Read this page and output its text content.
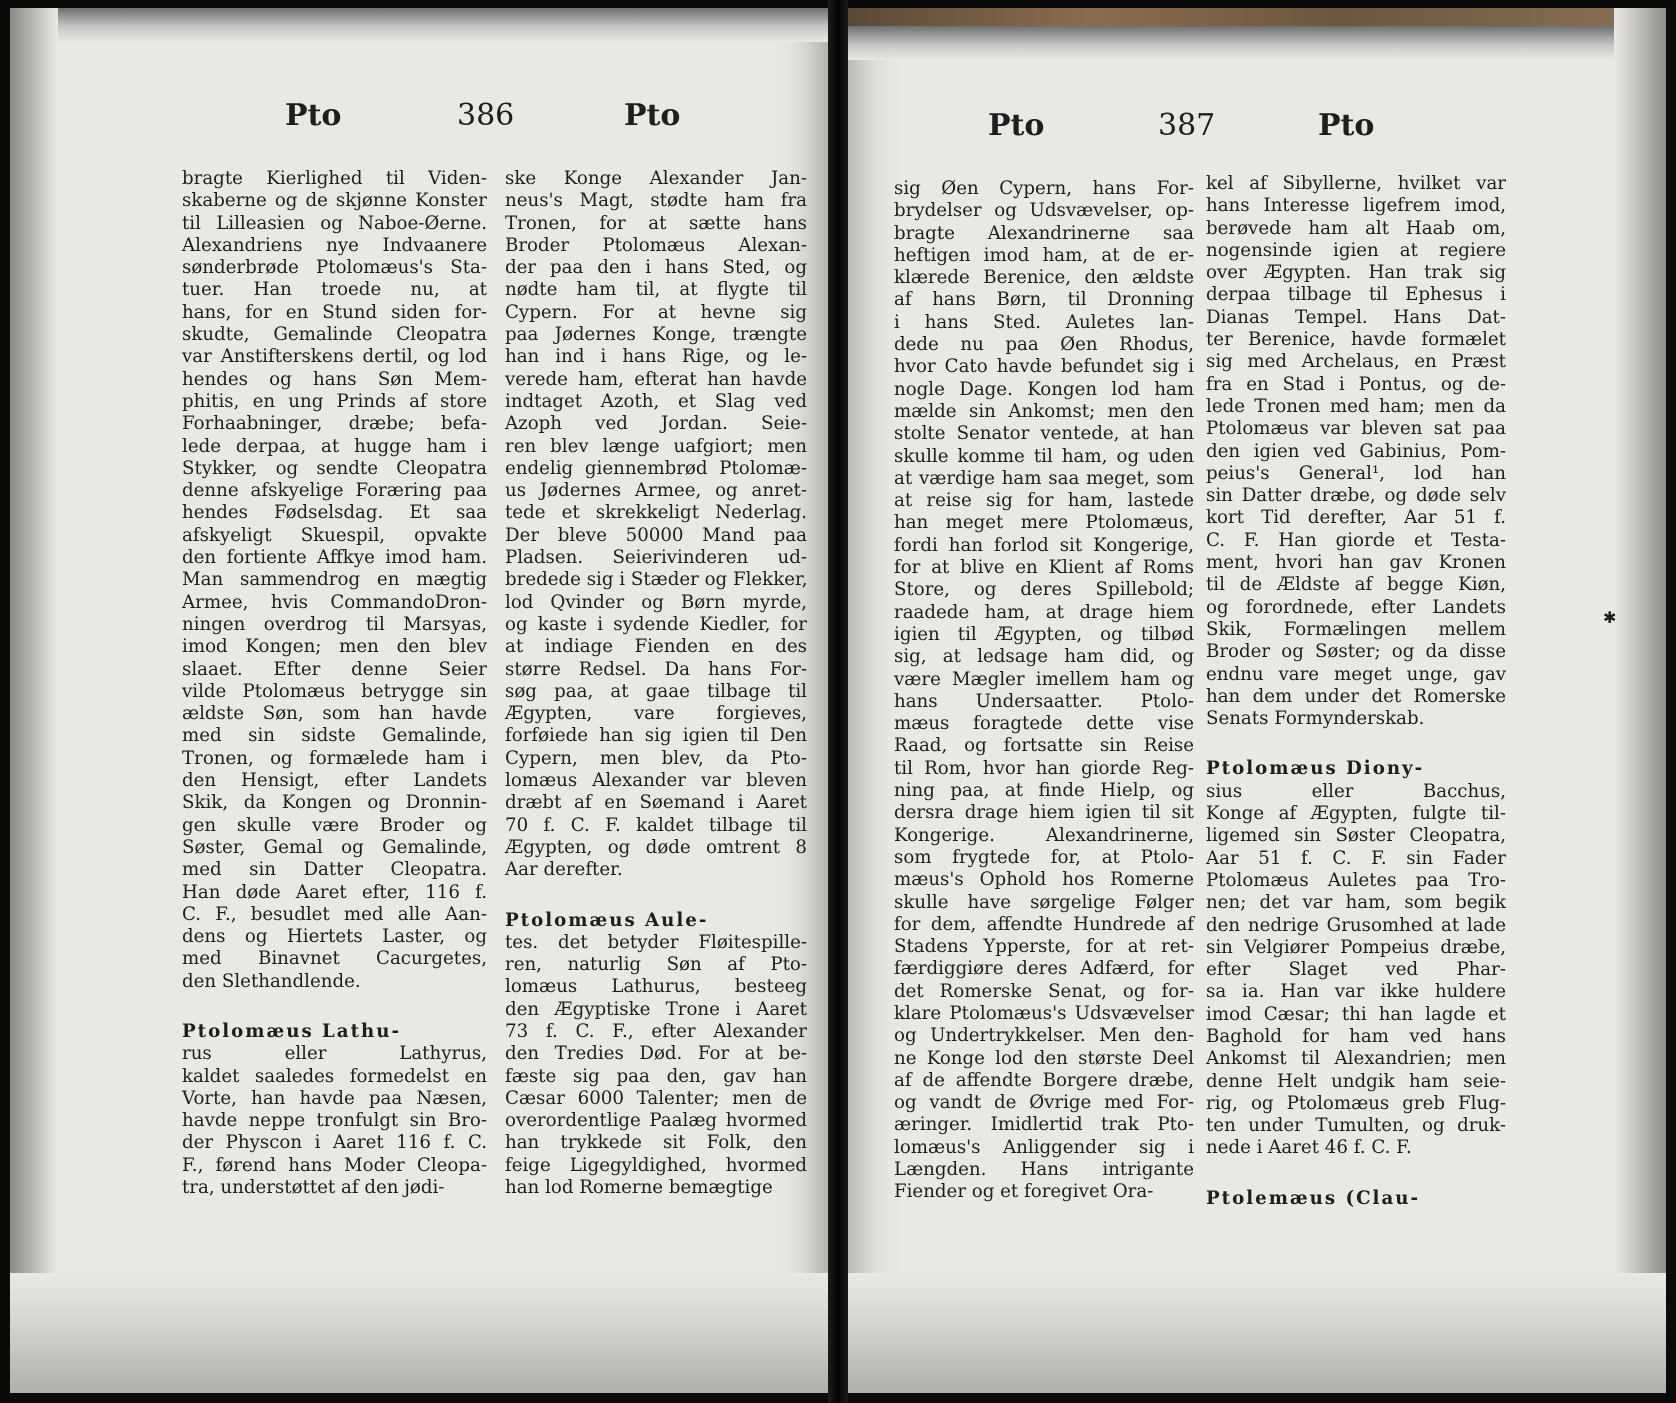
Pto	386	Pto
bragte Kierlighed til Viden-
skaberne og de skjønne Konster
til Lilleasien og Naboe-Øerne.
Alexandriens nye Indvaanere
sønderbrøde Ptolomæus's Sta-
tuer. Han troede nu, at
hans, for en Stund siden for-
skudte, Gemalinde Cleopatra
var Anstifterskens dertil, og lod
hendes og hans Søn Mem-
phitis, en ung Prinds af store
Forhaabninger, dræbe; befa-
lede derpaa, at hugge ham i
Stykker, og sendte Cleopatra
denne afskyelige Foræring paa
hendes Fødselsdag. Et saa
afskyeligt Skuespil, opvakte
den fortiente Affkye imod ham.
Man sammendrog en mægtig
Armee, hvis CommandoDron-
ningen overdrog til Marsyas,
imod Kongen; men den blev
slaaet. Efter denne Seier
vilde Ptolomæus betrygge sin
ældste Søn, som han havde
med sin sidste Gemalinde,
Tronen, og formælede ham i
den Hensigt, efter Landets
Skik, da Kongen og Dronnin-
gen skulle være Broder og
Søster, Gemal og Gemalinde,
med sin Datter Cleopatra.
Han døde Aaret efter, 116 f.
C. F., besudlet med alle Aan-
dens og Hiertets Laster, og
med Binavnet Cacurgetes,
den Slethandlende.
Ptolomæus Lathu-
rus eller Lathyrus,
kaldet saaledes formedelst en
Vorte, han havde paa Næsen,
havde neppe tronfulgt sin Bro-
der Physcon i Aaret 116 f. C.
F., førend hans Moder Cleopa-
tra, understøttet af den jødi-
ske Konge Alexander Jan-
neus's Magt, stødte ham fra
Tronen, for at sætte hans
Broder Ptolomæus Alexan-
der paa den i hans Sted, og
nødte ham til, at flygte til
Cypern. For at hevne sig
paa Jødernes Konge, trængte
han ind i hans Rige, og le-
verede ham, efterat han havde
indtaget Azoth, et Slag ved
Azoph ved Jordan. Seie-
ren blev længe uafgiort; men
endelig giennembrød Ptolomæ-
us Jødernes Armee, og anret-
tede et skrekkeligt Nederlag.
Der bleve 50000 Mand paa
Pladsen. Seierivinderen ud-
bredede sig i Stæder og Flekker,
lod Qvinder og Børn myrde,
og kaste i sydende Kiedler, for
at indiage Fienden en des
større Redsel. Da hans For-
søg paa, at gaae tilbage til
Ægypten, vare forgieves,
forføiede han sig igien til Den
Cypern, men blev, da Pto-
lomæus Alexander var bleven
dræbt af en Søemand i Aaret
70 f. C. F. kaldet tilbage til
Ægypten, og døde omtrent 8
Aar derefter.
Ptolomæus Aule-
tes. det betyder Fløitespille-
ren, naturlig Søn af Pto-
lomæus Lathurus, besteeg
den Ægyptiske Trone i Aaret
73 f. C. F., efter Alexander
den Tredies Død. For at be-
fæste sig paa den, gav han
Cæsar 6000 Talenter; men de
overordentlige Paalæg hvormed
han trykkede sit Folk, den
feige Ligegyldighed, hvormed
han lod Romerne bemægtige
Pto	387	Pto
sig Øen Cypern, hans For-
brydelser og Udsvævelser, op-
bragte Alexandrinerne saa
heftigen imod ham, at de er-
klærede Berenice, den ældste
af hans Børn, til Dronning
i hans Sted. Auletes lan-
dede nu paa Øen Rhodus,
hvor Cato havde befundet sig i
nogle Dage. Kongen lod ham
mælde sin Ankomst; men den
stolte Senator ventede, at han
skulle komme til ham, og uden
at værdige ham saa meget, som
at reise sig for ham, lastede
han meget mere Ptolomæus,
fordi han forlod sit Kongerige,
for at blive en Klient af Roms
Store, og deres Spillebold;
raadede ham, at drage hiem
igien til Ægypten, og tilbød
sig, at ledsage ham did, og
være Mægler imellem ham og
hans Undersaatter. Ptolo-
mæus foragtede dette vise
Raad, og fortsatte sin Reise
til Rom, hvor han giorde Reg-
ning paa, at finde Hielp, og
dersra drage hiem igien til sit
Kongerige. Alexandrinerne,
som frygtede for, at Ptolo-
mæus's Ophold hos Romerne
skulle have sørgelige Følger
for dem, affendte Hundrede af
Stadens Ypperste, for at ret-
færdiggiøre deres Adfærd, for
det Romerske Senat, og for-
klare Ptolomæus's Udsvævelser
og Undertrykkelser. Men den-
ne Konge lod den største Deel
af de affendte Borgere dræbe,
og vandt de Øvrige med For-
æringer. Imidlertid trak Pto-
lomæus's Anliggender sig i
Længden. Hans intrigante
Fiender og et foregivet Ora-
kel af Sibyllerne, hvilket var
hans Interesse ligefrem imod,
berøvede ham alt Haab om,
nogensinde igien at regiere
over Ægypten. Han trak sig
derpaa tilbage til Ephesus i
Dianas Tempel. Hans Dat-
ter Berenice, havde formælet
sig med Archelaus, en Præst
fra en Stad i Pontus, og de-
lede Tronen med ham; men da
Ptolomæus var bleven sat paa
den igien ved Gabinius, Pom-
peius's General¹, lod han
sin Datter dræbe, og døde selv
kort Tid derefter, Aar 51 f.
C. F. Han giorde et Testa-
ment, hvori han gav Kronen
til de Ældste af begge Kiøn,
og forordnede, efter Landets
Skik, Formælingen mellem
Broder og Søster; og da disse
endnu vare meget unge, gav
han dem under det Romerske
Senats Formynderskab.
Ptolomæus Diony-
sius eller Bacchus,
Konge af Ægypten, fulgte til-
ligemed sin Søster Cleopatra,
Aar 51 f. C. F. sin Fader
Ptolomæus Auletes paa Tro-
nen; det var ham, som begik
den nedrige Grusomhed at lade
sin Velgiører Pompeius dræbe,
efter Slaget ved Phar-
sa ia. Han var ikke huldere
imod Cæsar; thi han lagde et
Baghold for ham ved hans
Ankomst til Alexandrien; men
denne Helt undgik ham seie-
rig, og Ptolomæus greb Flug-
ten under Tumulten, og druk-
nede i Aaret 46 f. C. F.
Ptolemæus (Clau-
✱
